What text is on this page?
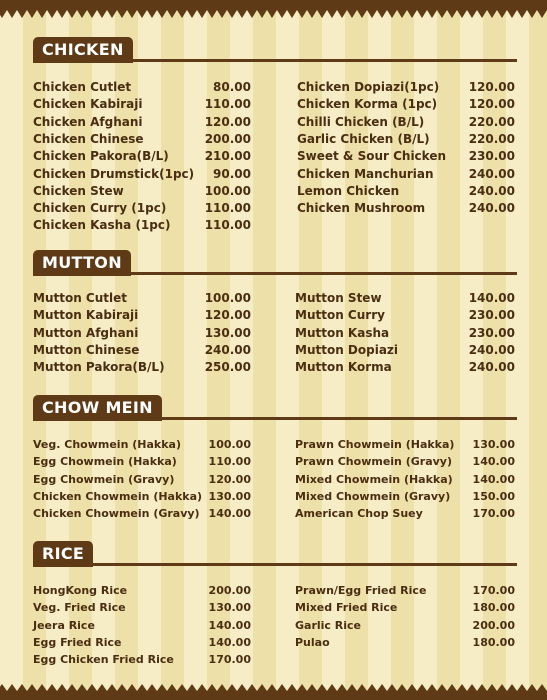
CHICKEN
Chicken Cutlet	80.00
Chicken Kabiraji	110.00
Chicken Afghani	120.00
Chicken Chinese	200.00
Chicken Pakora(B/L)	210.00
Chicken Drumstick(1pc) 90.00
Chicken Stew	100.00
Chicken Curry (1pc)	110.00
Chicken Kasha (1pc)	110.00
Chicken Dopiazi(1pc) 120.00
Chicken Korma (1pc)	120.00
Chilli Chicken (B/L)	220.00
Garlic Chicken (B/L)	220.00
Sweet & Sour Chicken 230.00
Chicken Manchurian	240.00
Lemon Chicken	240.00
Chicken Mushroom	240.00
MUTTON
Mutton Cutlet	100.00
Mutton Kabiraji	120.00
Mutton Afghani	130.00
Mutton Chinese	240.00
Mutton Pakora(B/L)	250.00
Mutton Stew	140.00
Mutton Curry	230.00
Mutton Kasha	230.00
Mutton Dopiazi	240.00
Mutton Korma	240.00
CHOW MEIN
Veg. Chowmein (Hakka)	100.00
Egg Chowmein (Hakka)	110.00
Egg Chowmein (Gravy)	120.00
Chicken Chowmein (Hakka) 130.00
Chicken Chowmein (Gravy) 140.00
Prawn Chowmein (Hakka) 130.00
Prawn Chowmein (Gravy) 140.00
Mixed Chowmein (Hakka) 140.00
Mixed Chowmein (Gravy) 150.00
American Chop Suey	170.00
RICE
HongKong Rice	200.00
Veg. Fried Rice	130.00
Jeera Rice	140.00
Egg Fried Rice	140.00
Egg Chicken Fried Rice	170.00
Prawn/Egg Fried Rice	170.00
Mixed Fried Rice	180.00
Garlic Rice	200.00
Pulao	180.00
